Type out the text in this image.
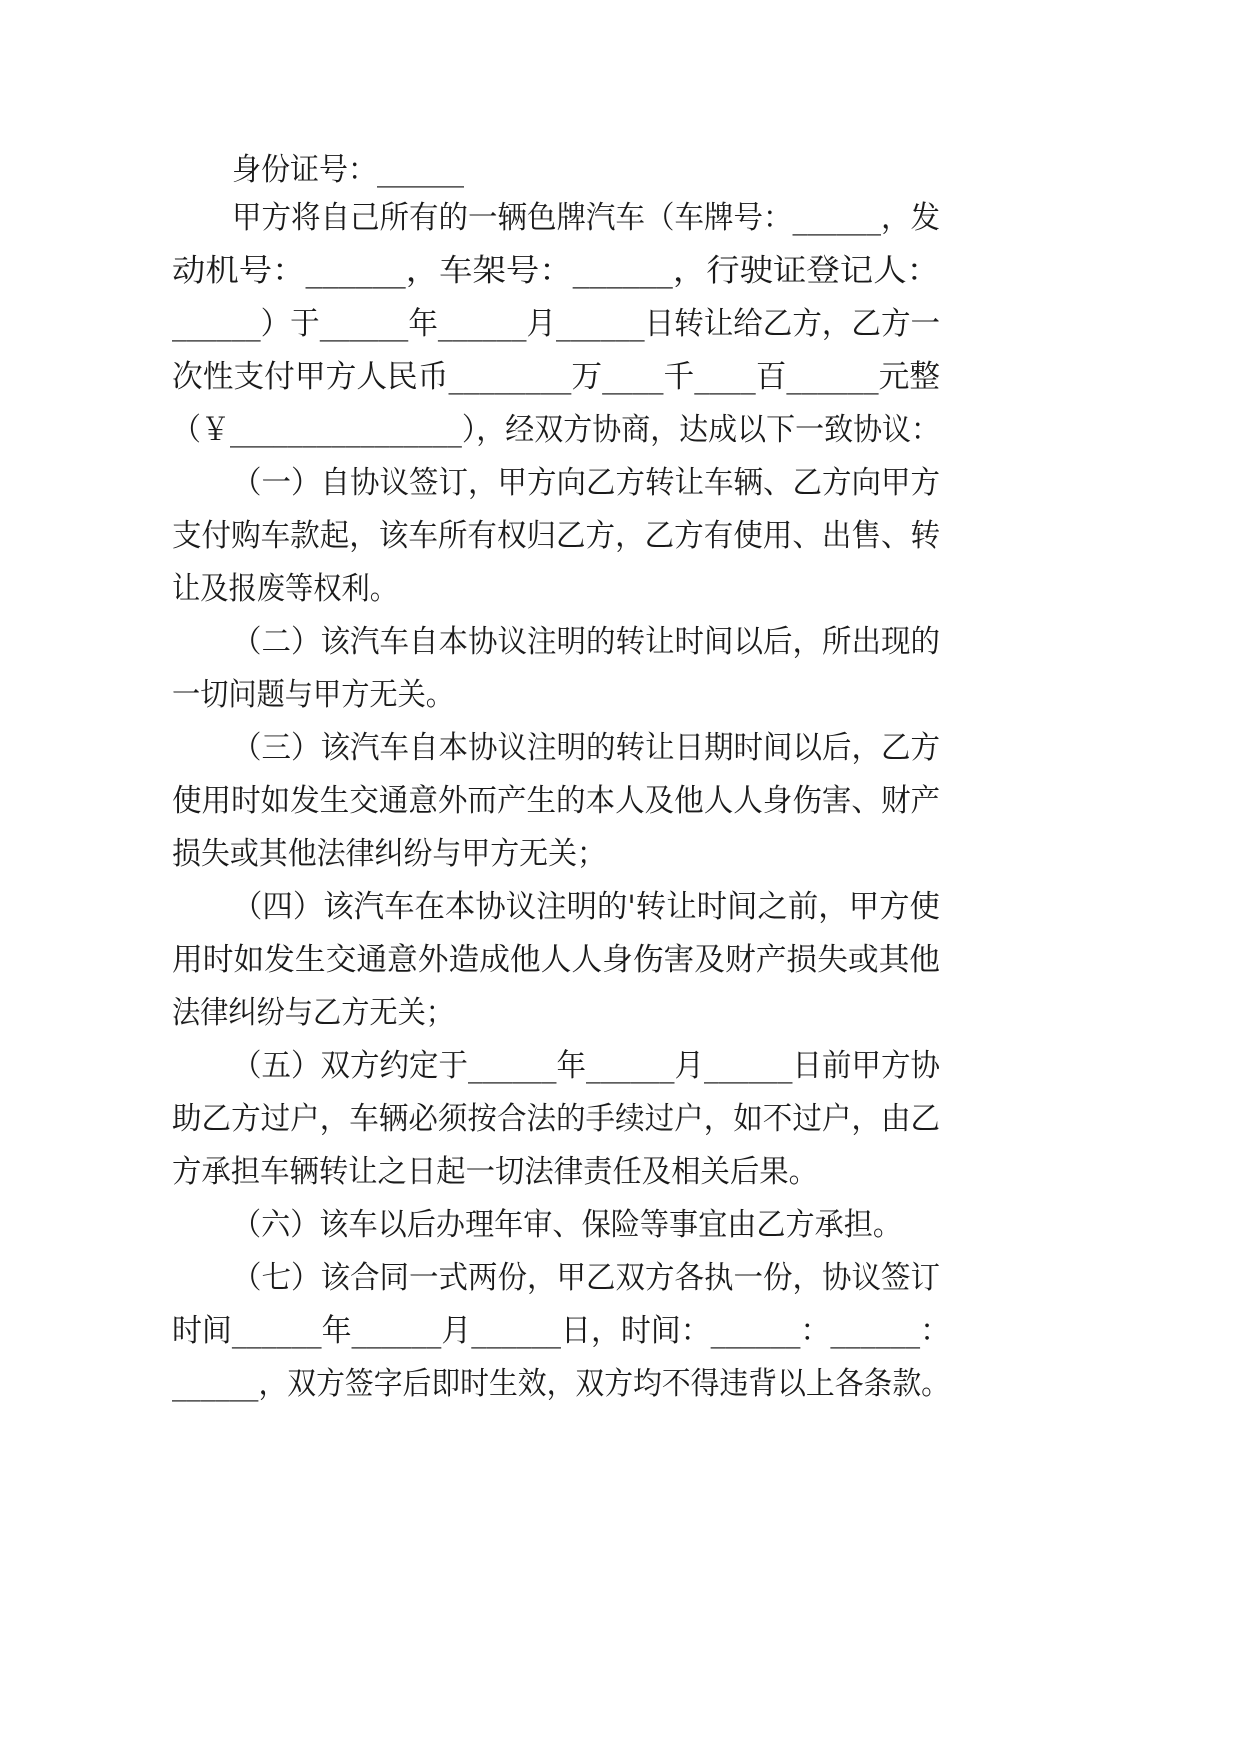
身份证号：______
甲方将自己所有的一辆色牌汽车（车牌号：______，发
动机号：______，车架号：______，行驶证登记人：
______）于______年______月______日转让给乙方，乙方一
次性支付甲方人民币________万____千____百______元整
（￥________________），经双方协商，达成以下一致协议：
（一）自协议签订，甲方向乙方转让车辆、乙方向甲方
支付购车款起，该车所有权归乙方，乙方有使用、出售、转
让及报废等权利。
（二）该汽车自本协议注明的转让时间以后，所出现的
一切问题与甲方无关。
（三）该汽车自本协议注明的转让日期时间以后，乙方
使用时如发生交通意外而产生的本人及他人人身伤害、财产
损失或其他法律纠纷与甲方无关；
（四）该汽车在本协议注明的'转让时间之前，甲方使
用时如发生交通意外造成他人人身伤害及财产损失或其他
法律纠纷与乙方无关；
（五）双方约定于______年______月______日前甲方协
助乙方过户，车辆必须按合法的手续过户，如不过户，由乙
方承担车辆转让之日起一切法律责任及相关后果。
（六）该车以后办理年审、保险等事宜由乙方承担。
（七）该合同一式两份，甲乙双方各执一份，协议签订
时间______年______月______日，时间：______：______：
______，双方签字后即时生效，双方均不得违背以上各条款。
